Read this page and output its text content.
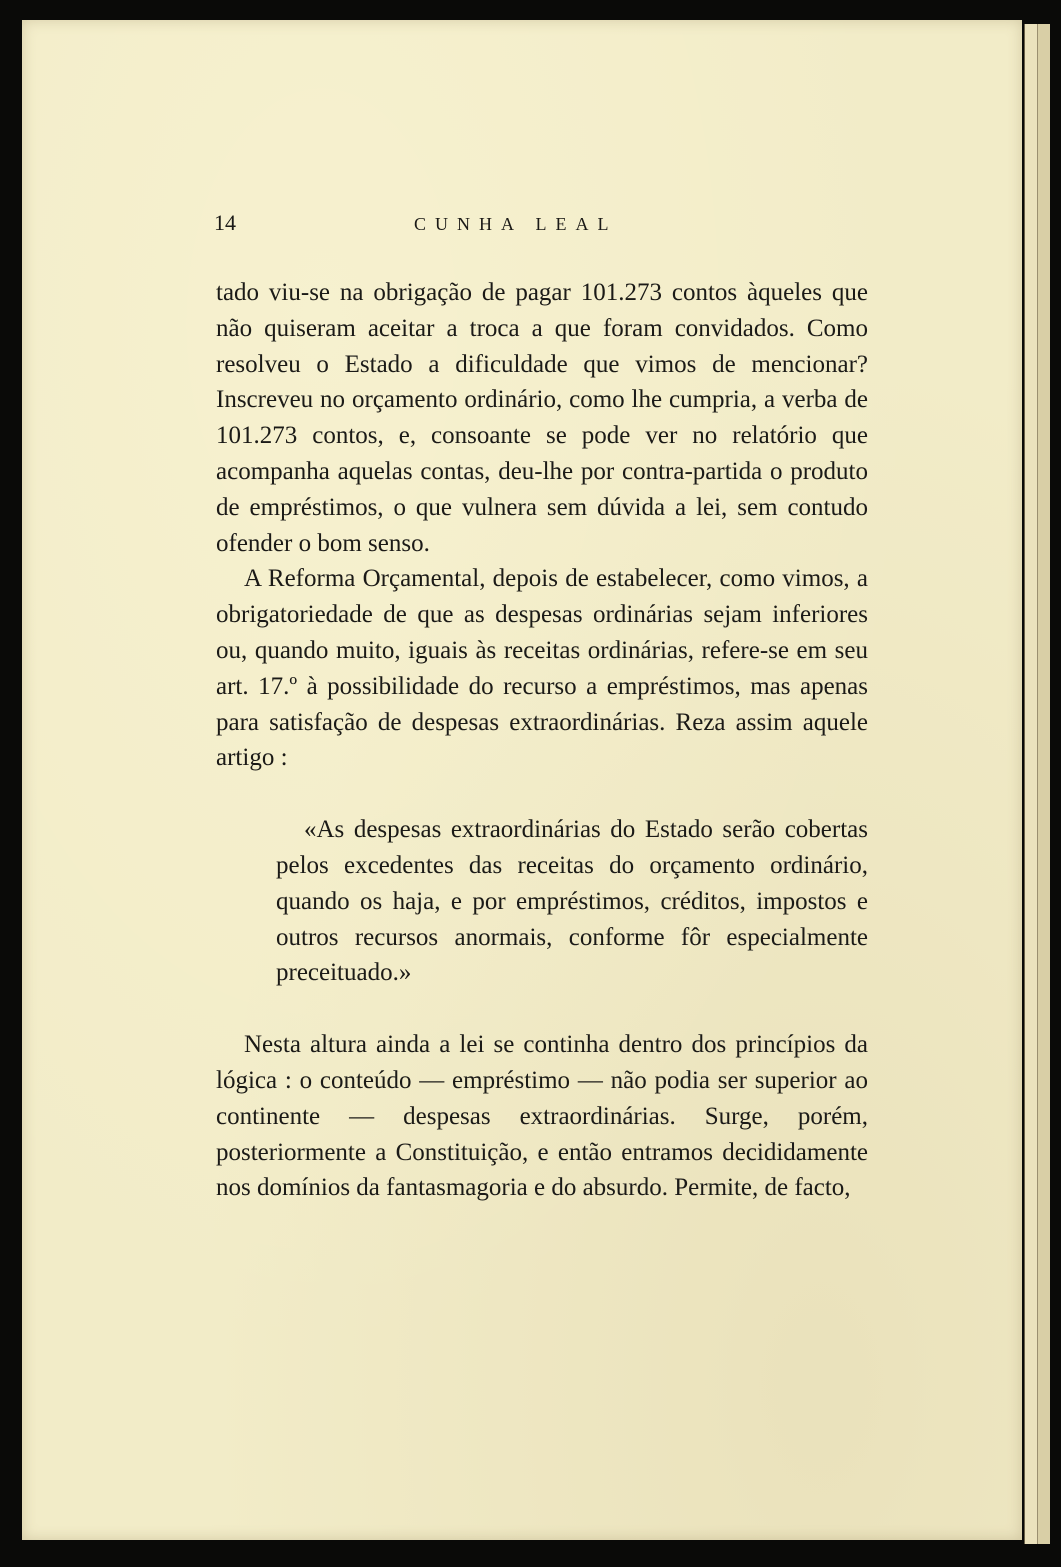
14	CUNHA LEAL

tado viu-se na obrigação de pagar 101.273 contos àqueles que não quiseram aceitar a troca a que foram convidados. Como resolveu o Estado a dificuldade que vimos de mencionar? Inscreveu no orçamento ordinário, como lhe cumpria, a verba de 101.273 contos, e, consoante se pode ver no relatório que acompanha aquelas contas, deu-lhe por contra-partida o produto de empréstimos, o que vulnera sem dúvida a lei, sem contudo ofender o bom senso.

A Reforma Orçamental, depois de estabelecer, como vimos, a obrigatoriedade de que as despesas ordinárias sejam inferiores ou, quando muito, iguais às receitas ordinárias, refere-se em seu art. 17.º à possibilidade do recurso a empréstimos, mas apenas para satisfação de despesas extraordinárias. Reza assim aquele artigo :

«As despesas extraordinárias do Estado serão cobertas pelos excedentes das receitas do orçamento ordinário, quando os haja, e por empréstimos, créditos, impostos e outros recursos anormais, conforme fôr especialmente preceituado.»

Nesta altura ainda a lei se continha dentro dos princípios da lógica : o conteúdo — empréstimo — não podia ser superior ao continente — despesas extraordinárias. Surge, porém, posteriormente a Constituição, e então entramos decididamente nos domínios da fantasmagoria e do absurdo. Permite, de facto,
